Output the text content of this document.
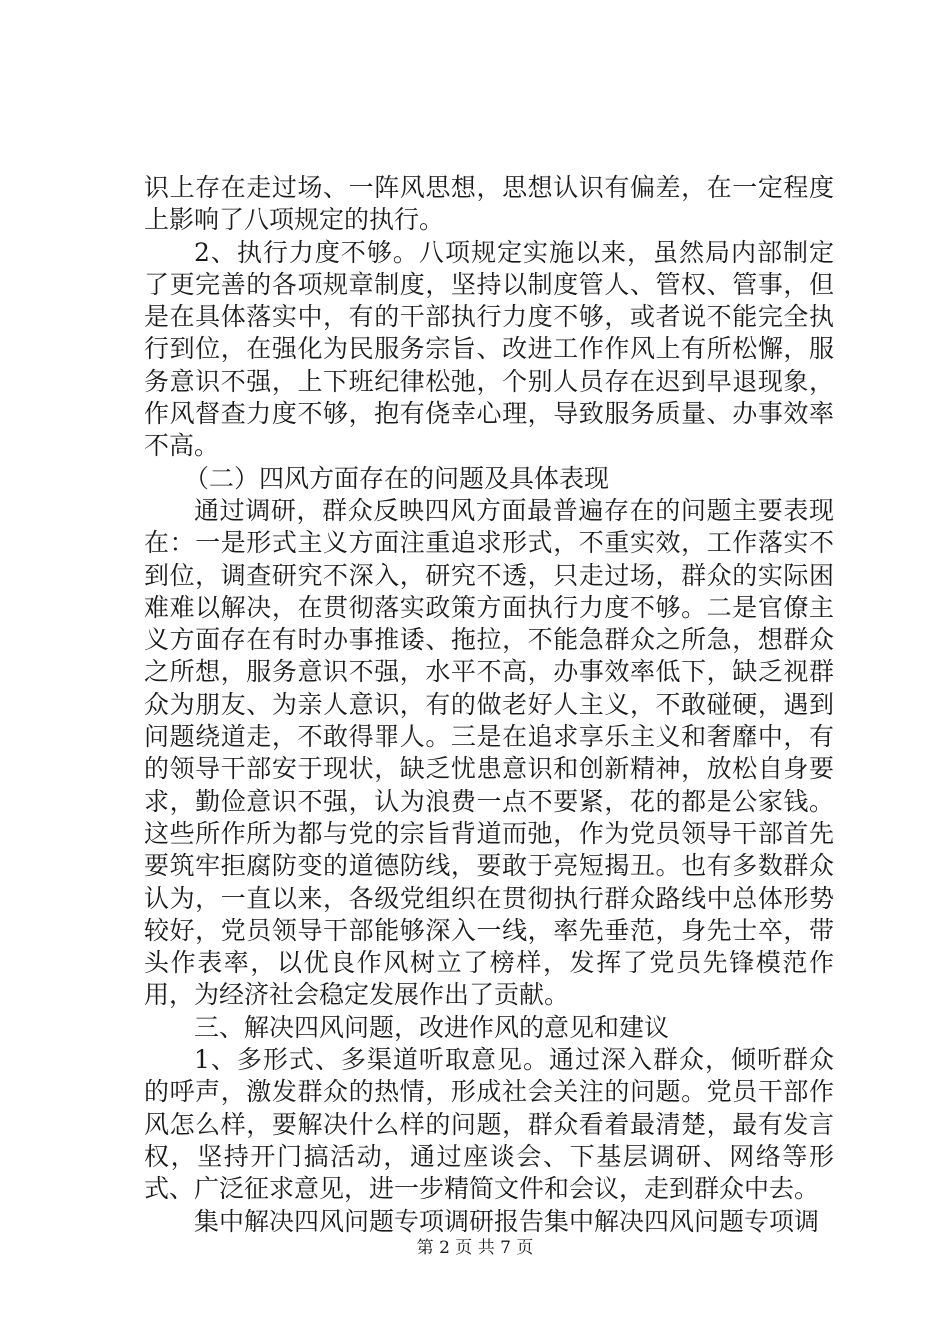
识上存在走过场、一阵风思想，思想认识有偏差，在一定程度上影响了八项规定的执行。

2、执行力度不够。八项规定实施以来，虽然局内部制定了更完善的各项规章制度，坚持以制度管人、管权、管事，但是在具体落实中，有的干部执行力度不够，或者说不能完全执行到位，在强化为民服务宗旨、改进工作作风上有所松懈，服务意识不强，上下班纪律松弛，个别人员存在迟到早退现象，作风督查力度不够，抱有侥幸心理，导致服务质量、办事效率不高。

（二）四风方面存在的问题及具体表现

通过调研，群众反映四风方面最普遍存在的问题主要表现在：一是形式主义方面注重追求形式，不重实效，工作落实不到位，调查研究不深入，研究不透，只走过场，群众的实际困难难以解决，在贯彻落实政策方面执行力度不够。二是官僚主义方面存在有时办事推诿、拖拉，不能急群众之所急，想群众之所想，服务意识不强，水平不高，办事效率低下，缺乏视群众为朋友、为亲人意识，有的做老好人主义，不敢碰硬，遇到问题绕道走，不敢得罪人。三是在追求享乐主义和奢靡中，有的领导干部安于现状，缺乏忧患意识和创新精神，放松自身要求，勤俭意识不强，认为浪费一点不要紧，花的都是公家钱。这些所作所为都与党的宗旨背道而弛，作为党员领导干部首先要筑牢拒腐防变的道德防线，要敢于亮短揭丑。也有多数群众认为，一直以来，各级党组织在贯彻执行群众路线中总体形势较好，党员领导干部能够深入一线，率先垂范，身先士卒，带头作表率，以优良作风树立了榜样，发挥了党员先锋模范作用，为经济社会稳定发展作出了贡献。

三、解决四风问题，改进作风的意见和建议

1、多形式、多渠道听取意见。通过深入群众，倾听群众的呼声，激发群众的热情，形成社会关注的问题。党员干部作风怎么样，要解决什么样的问题，群众看着最清楚，最有发言权，坚持开门搞活动，通过座谈会、下基层调研、网络等形式、广泛征求意见，进一步精简文件和会议，走到群众中去。

集中解决四风问题专项调研报告集中解决四风问题专项调

第 2 页 共 7 页
